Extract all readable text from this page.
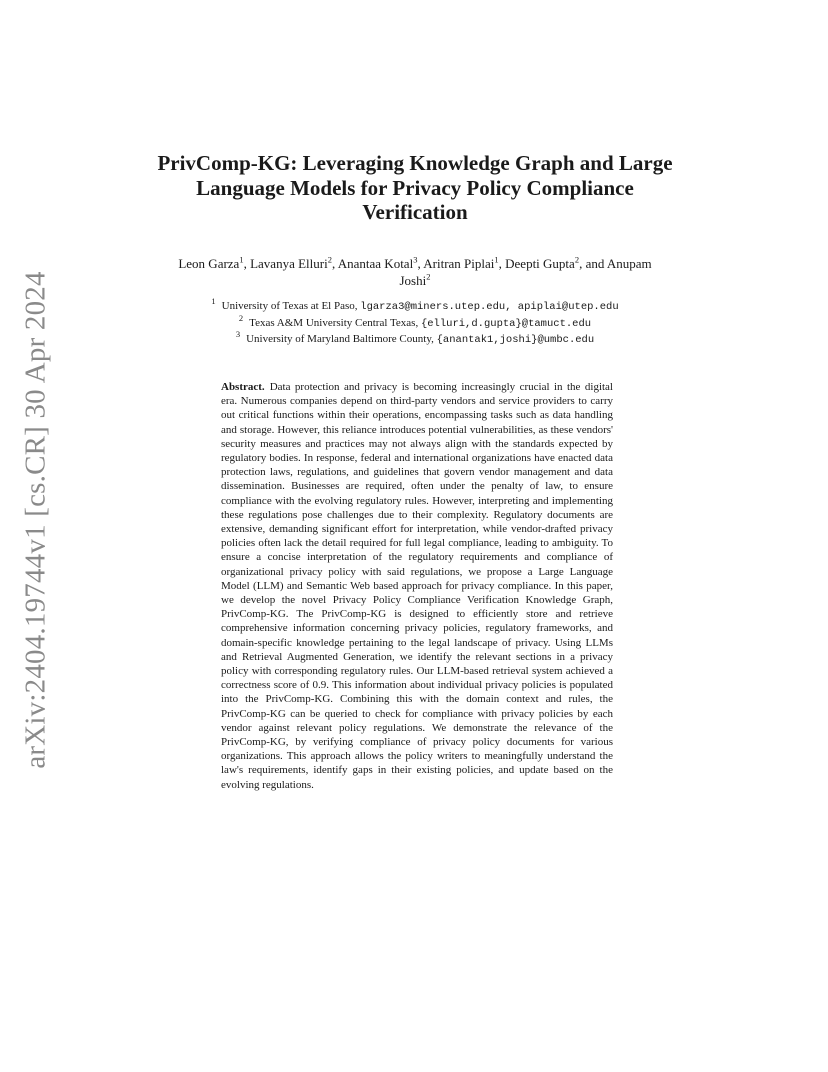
arXiv:2404.19744v1 [cs.CR] 30 Apr 2024
PrivComp-KG: Leveraging Knowledge Graph and Large Language Models for Privacy Policy Compliance Verification
Leon Garza$^1$, Lavanya Elluri$^2$, Anantaa Kotal$^3$, Aritran Piplai$^1$, Deepti Gupta$^2$, and Anupam Joshi$^2$
$^1$ University of Texas at El Paso, lgarza3@miners.utep.edu, apiplai@utep.edu
$^2$ Texas A&M University Central Texas, {elluri,d.gupta}@tamuct.edu
$^3$ University of Maryland Baltimore County, {anantak1,joshi}@umbc.edu
Abstract. Data protection and privacy is becoming increasingly crucial in the digital era. Numerous companies depend on third-party vendors and service providers to carry out critical functions within their operations, encompassing tasks such as data handling and storage. However, this reliance introduces potential vulnerabilities, as these vendors' security measures and practices may not always align with the standards expected by regulatory bodies. In response, federal and international organizations have enacted data protection laws, regulations, and guidelines that govern vendor management and data dissemination. Businesses are required, often under the penalty of law, to ensure compliance with the evolving regulatory rules. However, interpreting and implementing these regulations pose challenges due to their complexity. Regulatory documents are extensive, demanding significant effort for interpretation, while vendor-drafted privacy policies often lack the detail required for full legal compliance, leading to ambiguity. To ensure a concise interpretation of the regulatory requirements and compliance of organizational privacy policy with said regulations, we propose a Large Language Model (LLM) and Semantic Web based approach for privacy compliance. In this paper, we develop the novel Privacy Policy Compliance Verification Knowledge Graph, PrivComp-KG. The PrivComp-KG is designed to efficiently store and retrieve comprehensive information concerning privacy policies, regulatory frameworks, and domain-specific knowledge pertaining to the legal landscape of privacy. Using LLMs and Retrieval Augmented Generation, we identify the relevant sections in a privacy policy with corresponding regulatory rules. Our LLM-based retrieval system achieved a correctness score of 0.9. This information about individual privacy policies is populated into the PrivComp-KG. Combining this with the domain context and rules, the PrivComp-KG can be queried to check for compliance with privacy policies by each vendor against relevant policy regulations. We demonstrate the relevance of the PrivComp-KG, by verifying compliance of privacy policy documents for various organizations. This approach allows the policy writers to meaningfully understand the law's requirements, identify gaps in their existing policies, and update based on the evolving regulations.
